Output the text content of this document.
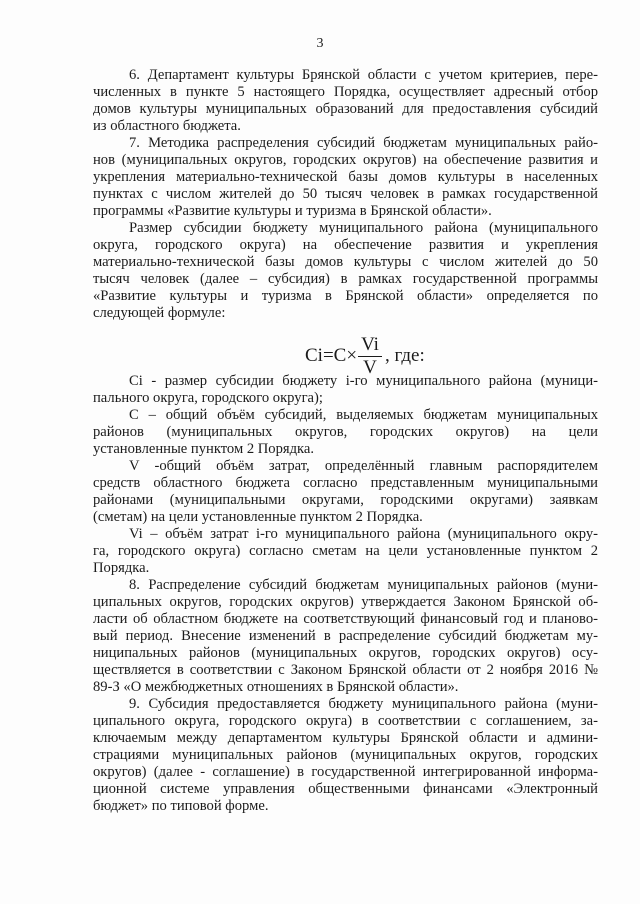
3
6. Департамент культуры Брянской области с учетом критериев, пере-
численных в пункте 5 настоящего Порядка, осуществляет адресный отбор
домов культуры муниципальных образований для предоставления субсидий
из областного бюджета.
7. Методика распределения субсидий бюджетам муниципальных райо-
нов (муниципальных округов, городских округов) на обеспечение развития и
укрепления материально-технической базы домов культуры в населенных
пунктах с числом жителей до 50 тысяч человек в рамках государственной
программы «Развитие культуры и туризма в Брянской области».
Размер субсидии бюджету муниципального района (муниципального
округа, городского округа) на обеспечение развития и укрепления
материально-технической базы домов культуры с числом жителей до 50
тысяч человек (далее – субсидия) в рамках государственной программы
«Развитие культуры и туризма в Брянской области» определяется по
следующей формуле:
Ci - размер субсидии бюджету i-го муниципального района (муници-
пального округа, городского округа);
С – общий объём субсидий, выделяемых бюджетам муниципальных
районов (муниципальных округов, городских округов) на цели
установленные пунктом 2 Порядка.
V -общий объём затрат, определённый главным распорядителем
средств областного бюджета согласно представленным муниципальными
районами (муниципальными округами, городскими округами) заявкам
(сметам) на цели установленные пунктом 2 Порядка.
Vi – объём затрат i-го муниципального района (муниципального окру-
га, городского округа) согласно сметам на цели установленные пунктом 2
Порядка.
8. Распределение субсидий бюджетам муниципальных районов (муни-
ципальных округов, городских округов) утверждается Законом Брянской об-
ласти об областном бюджете на соответствующий финансовый год и планово-
вый период. Внесение изменений в распределение субсидий бюджетам му-
ниципальных районов (муниципальных округов, городских округов) осу-
ществляется в соответствии с Законом Брянской области от 2 ноября 2016 №
89-З «О межбюджетных отношениях в Брянской области».
9. Субсидия предоставляется бюджету муниципального района (муни-
ципального округа, городского округа) в соответствии с соглашением, за-
ключаемым между департаментом культуры Брянской области и админи-
страциями муниципальных районов (муниципальных округов, городских
округов) (далее - соглашение) в государственной интегрированной информа-
ционной системе управления общественными финансами «Электронный
бюджет» по типовой форме.
Ci=C×
Vi
V
, где:
